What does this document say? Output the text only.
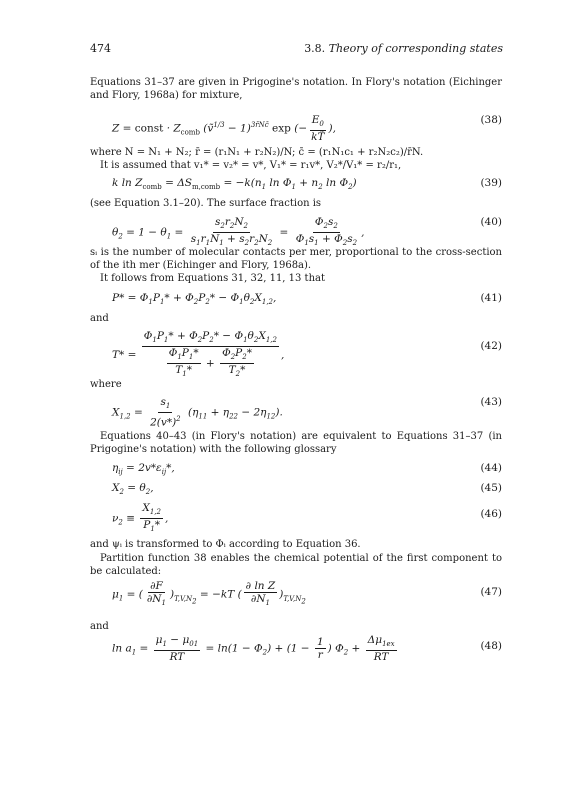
474	3.8. Theory of corresponding states
Equations 31–37 are given in Prigogine's notation. In Flory's notation (Eichinger and Flory, 1968a) for mixture,
Z = const · $Z_{comb}$ (ṽ$^{1/3}$ − 1)$^{3r̄Nc̄}$ exp (− $\frac{E_0}{kT̃}$ ),
(38)
where N = N₁ + N₂; r̄ = (r₁N₁ + r₂N₂)/N; c̄ = (r₁N₁c₁ + r₂N₂c₂)/r̄N.
It is assumed that v₁* = v₂* = v*, V₁* = r₁v*, V₂*/V₁* = r₂/r₁,
k $\ln Z_{comb} = \Delta S_{m,comb} = -k(n_1$ $\ln \Phi_1 + n_2$ $\ln \Phi_2$)	(39)
(see Equation 3.1–20). The surface fraction is
$\theta_2 = 1 - \theta_1 = \frac{s_2r_2N_2}{s_1r_1N_1 + s_2r_2N_2} = \frac{\Phi_2s_2}{\Phi_1s_1 + \Phi_2s_2}$ ,
(40)
sᵢ is the number of molecular contacts per mer, proportional to the cross-section of the ith mer (Eichinger and Flory, 1968a).
It follows from Equations 31, 32, 11, 13 that
$P* = \Phi_1P_1* + \Phi_2P_2* - \Phi_1\theta_2X_{1,2}$,	(41)
and
$T* = \frac{\Phi_1P_1* + \Phi_2P_2* - \Phi_1\theta_2X_{1,2}}{\frac{\Phi_1P_1*}{T_1*} + \frac{\Phi_2P_2*}{T_2*}}$ ,
(42)
where
$X_{1,2} = \frac{s_1}{2(v*)^2} (\eta_{11} + \eta_{22} - 2\eta_{12})$.
(43)
Equations 40–43 (in Flory's notation) are equivalent to Equations 31–37 (in Prigogine's notation) with the following glossary
$\eta_{ij} = 2v*\varepsilon_{ij}*$,	(44)
$X_2 = \theta_2$,	(45)
$\nu_2 \equiv \frac{X_{1,2}}{P_1*}$ ,	(46)
and ψᵢ is transformed to Φᵢ according to Equation 36.
Partition function 38 enables the chemical potential of the first component to be calculated:
$\mu_1$ = ( $\frac{\partial F}{\partial N_1} )_{T,V,N_2} = -kT$ ( $\frac{\text{∂ ln Z}}{\partial N_1} )_{T,V,N_2}$
(47)
and
$\ln a_1 = \frac{\mu_1 - \mu_{01}}{RT} = \ln(1 - \Phi_2) + (1 - \frac{1}{r}$ ) $\Phi_2 + \frac{\Delta\mu_{1ex}}{RT}$	(48)
